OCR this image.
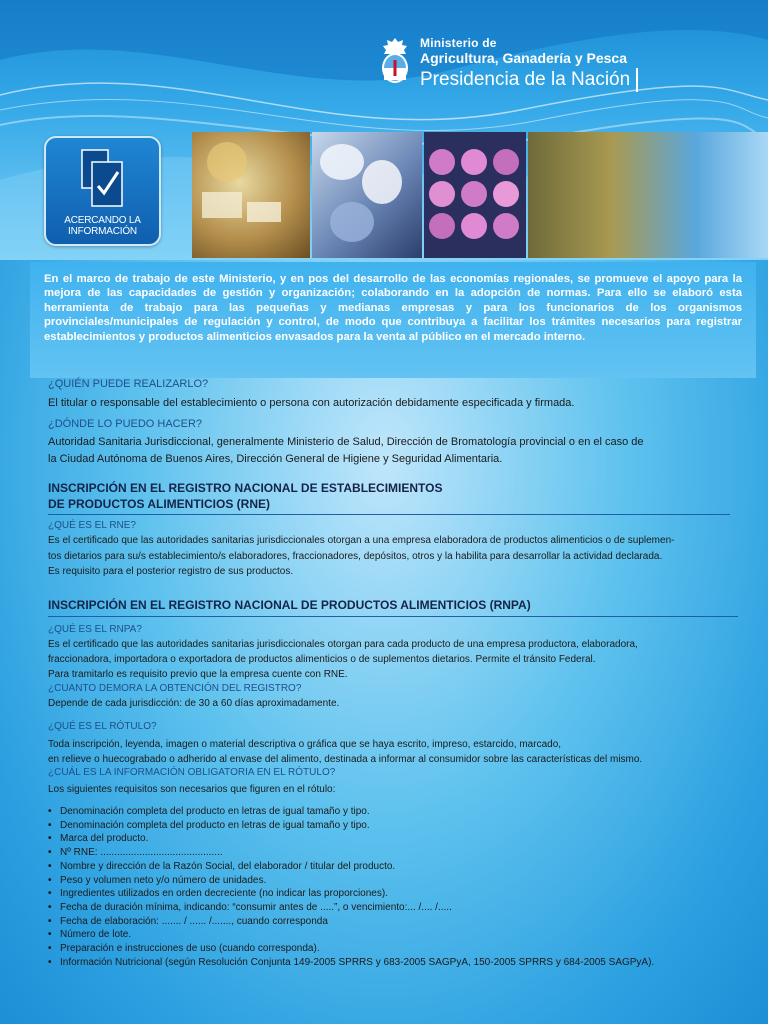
Ministerio de
Agricultura, Ganadería y Pesca
Presidencia de la Nación
ACERCANDO LA
INFORMACIÓN

En el marco de trabajo de este Ministerio, y en pos del desarrollo de las economías regionales, se promueve el apoyo para la mejora de las capacidades de gestión y organización; colaborando en la adopción de normas. Para ello se elaboró esta herramienta de trabajo para las pequeñas y medianas empresas y para los funcionarios de los organismos provinciales/municipales de regulación y control, de modo que contribuya a facilitar los trámites necesarios para registrar establecimientos y productos alimenticios envasados para la venta al público en el mercado interno.

¿QUIÉN PUEDE REALIZARLO?
El titular o responsable del establecimiento o persona con autorización debidamente especificada y firmada.
¿DÓNDE LO PUEDO HACER?
Autoridad Sanitaria Jurisdiccional, generalmente Ministerio de Salud, Dirección de Bromatología provincial o en el caso de
la Ciudad Autónoma de Buenos Aires, Dirección General de Higiene y Seguridad Alimentaria.
INSCRIPCIÓN EN EL REGISTRO NACIONAL DE ESTABLECIMIENTOS
DE PRODUCTOS ALIMENTICIOS (RNE)
¿QUÉ ES EL RNE?
Es el certificado que las autoridades sanitarias jurisdiccionales otorgan a una empresa elaboradora de productos alimenticios o de suplemen-
tos dietarios para su/s establecimiento/s elaboradores, fraccionadores, depósitos, otros y la habilita para desarrollar la actividad declarada.
Es requisito para el posterior registro de sus productos.
INSCRIPCIÓN EN EL REGISTRO NACIONAL DE PRODUCTOS ALIMENTICIOS (RNPA)
¿QUÉ ES EL RNPA?
Es el certificado que las autoridades sanitarias jurisdiccionales otorgan para cada producto de una empresa productora, elaboradora,
fraccionadora, importadora o exportadora de productos alimenticios o de suplementos dietarios. Permite el tránsito Federal.
Para tramitarlo es requisito previo que la empresa cuente con RNE.
¿CUANTO DEMORA LA OBTENCIÓN DEL REGISTRO?
Depende de cada jurisdicción: de 30 a 60 días aproximadamente.
¿QUÉ ES EL RÓTULO?
Toda inscripción, leyenda, imagen o material descriptiva o gráfica que se haya escrito, impreso, estarcido, marcado,
en relieve o huecograbado o adherido al envase del alimento, destinada a informar al consumidor sobre las características del mismo.
¿CUÁL ES LA INFORMACIÓN OBLIGATORIA EN EL RÓTULO?
Los siguientes requisitos son necesarios que figuren en el rótulo:
• Denominación completa del producto en letras de igual tamaño y tipo.
• Denominación completa del producto en letras de igual tamaño y tipo.
• Marca del producto.
• Nº RNE: ............................................
• Nombre y dirección de la Razón Social, del elaborador / titular del producto.
• Peso y volumen neto y/o número de unidades.
• Ingredientes utilizados en orden decreciente (no indicar las proporciones).
• Fecha de duración mínima, indicando: “consumir antes de .....”, o vencimiento:... /.... /.....
• Fecha de elaboración: ....... / ...... /......., cuando corresponda
• Número de lote.
• Preparación e instrucciones de uso (cuando corresponda).
• Información Nutricional (según Resolución Conjunta 149-2005 SPRRS y 683-2005 SAGPyA, 150-2005 SPRRS y 684-2005 SAGPyA).
